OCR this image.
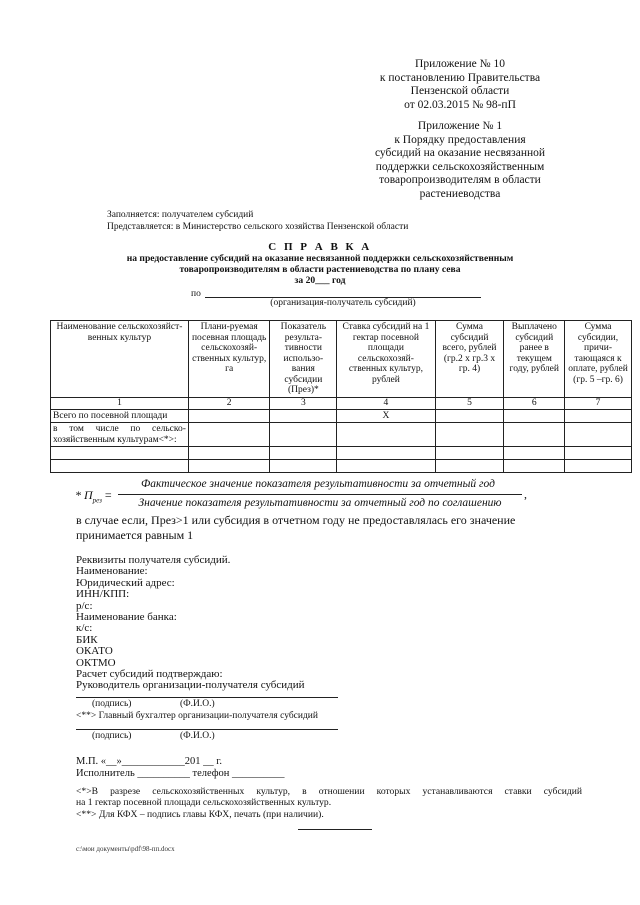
Приложение № 10
к постановлению Правительства
Пензенской области
от 02.03.2015 № 98-пП
Приложение № 1
к Порядку предоставления
субсидий на оказание несвязанной
поддержки сельскохозяйственным
товаропроизводителям в области
растениеводства
Заполняется: получателем субсидий
Представляется: в Министерство сельского хозяйства Пензенской области
С П Р А В К А
на предоставление субсидий на оказание несвязанной поддержки сельскохозяйственным
товаропроизводителям в области растениеводства по плану сева
за 20___ год
по
(организация-получатель субсидий)
Наименование сельскохозяйст-венных культур	Плани-руемая посевная площадь сельскохозяй-ственных культур, га	Показатель результа-тивности использо-вания субсидии (През)*	Ставка субсидий на 1 гектар посевной площади сельскохозяй-ственных культур, рублей	Сумма субсидий всего, рублей (гр.2 х гр.3 х гр. 4)	Выплачено субсидий ранее в текущем году, рублей	Сумма субсидии, причи-тающаяся к оплате, рублей (гр. 5 –гр. 6)
1	2	3	4	5	6	7
Всего по посевной площади			Х			
в том числе по сельско-хозяйственным культурам<*>:						

* $П_{рез}$ =
Фактическое значение показателя результативности за отчетный год
Значение показателя результативности за отчетный год по соглашению
,
в случае если, През>1 или субсидия в отчетном году не предоставлялась его значение
принимается равным 1
Реквизиты получателя субсидий.
Наименование:
Юридический адрес:
ИНН/КПП:
р/с:
Наименование банка:
к/с:
БИК
ОКАТО
ОКТМО
Расчет субсидий подтверждаю:
Руководитель организации-получателя субсидий
(подпись)	(Ф.И.О.)
<**> Главный бухгалтер организации-получателя субсидий
(подпись)	(Ф.И.О.)
М.П. «__»____________201 __ г.
Исполнитель __________ телефон __________
<*>В разрезе сельскохозяйственных культур, в отношении которых устанавливаются ставки субсидий
на 1 гектар посевной площади сельскохозяйственных культур.
<**> Для КФХ – подпись главы КФХ, печать (при наличии).
c:\мои документы\pdf\98-пп.docx
